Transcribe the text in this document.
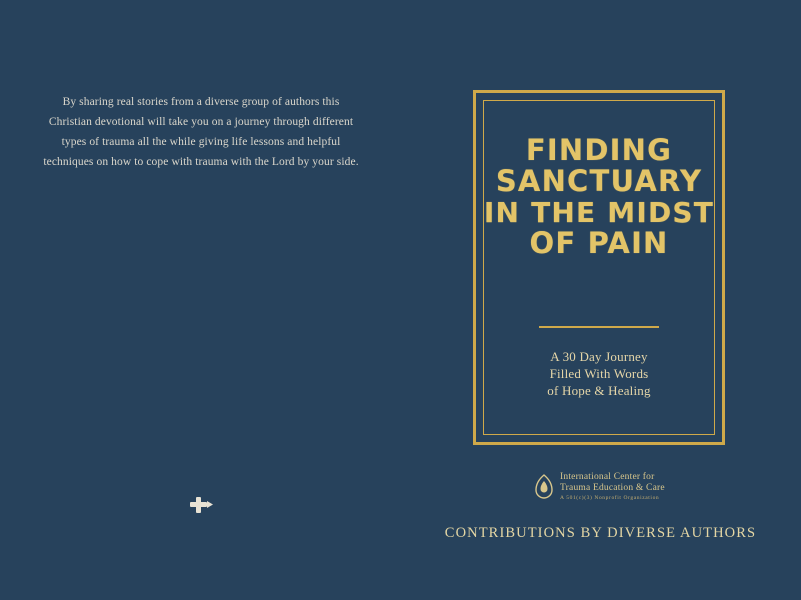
By sharing real stories from a diverse group of authors this Christian devotional will take you on a journey through different types of trauma all the while giving life lessons and helpful techniques on how to cope with trauma with the Lord by your side.	FINDING
SANCTUARY
IN THE MIDST
OF PAIN
A 30 Day Journey
Filled With Words
of Hope & Healing
International Center for
Trauma Education & Care
A 501(c)(3) Nonprofit Organization
CONTRIBUTIONS BY DIVERSE AUTHORS
